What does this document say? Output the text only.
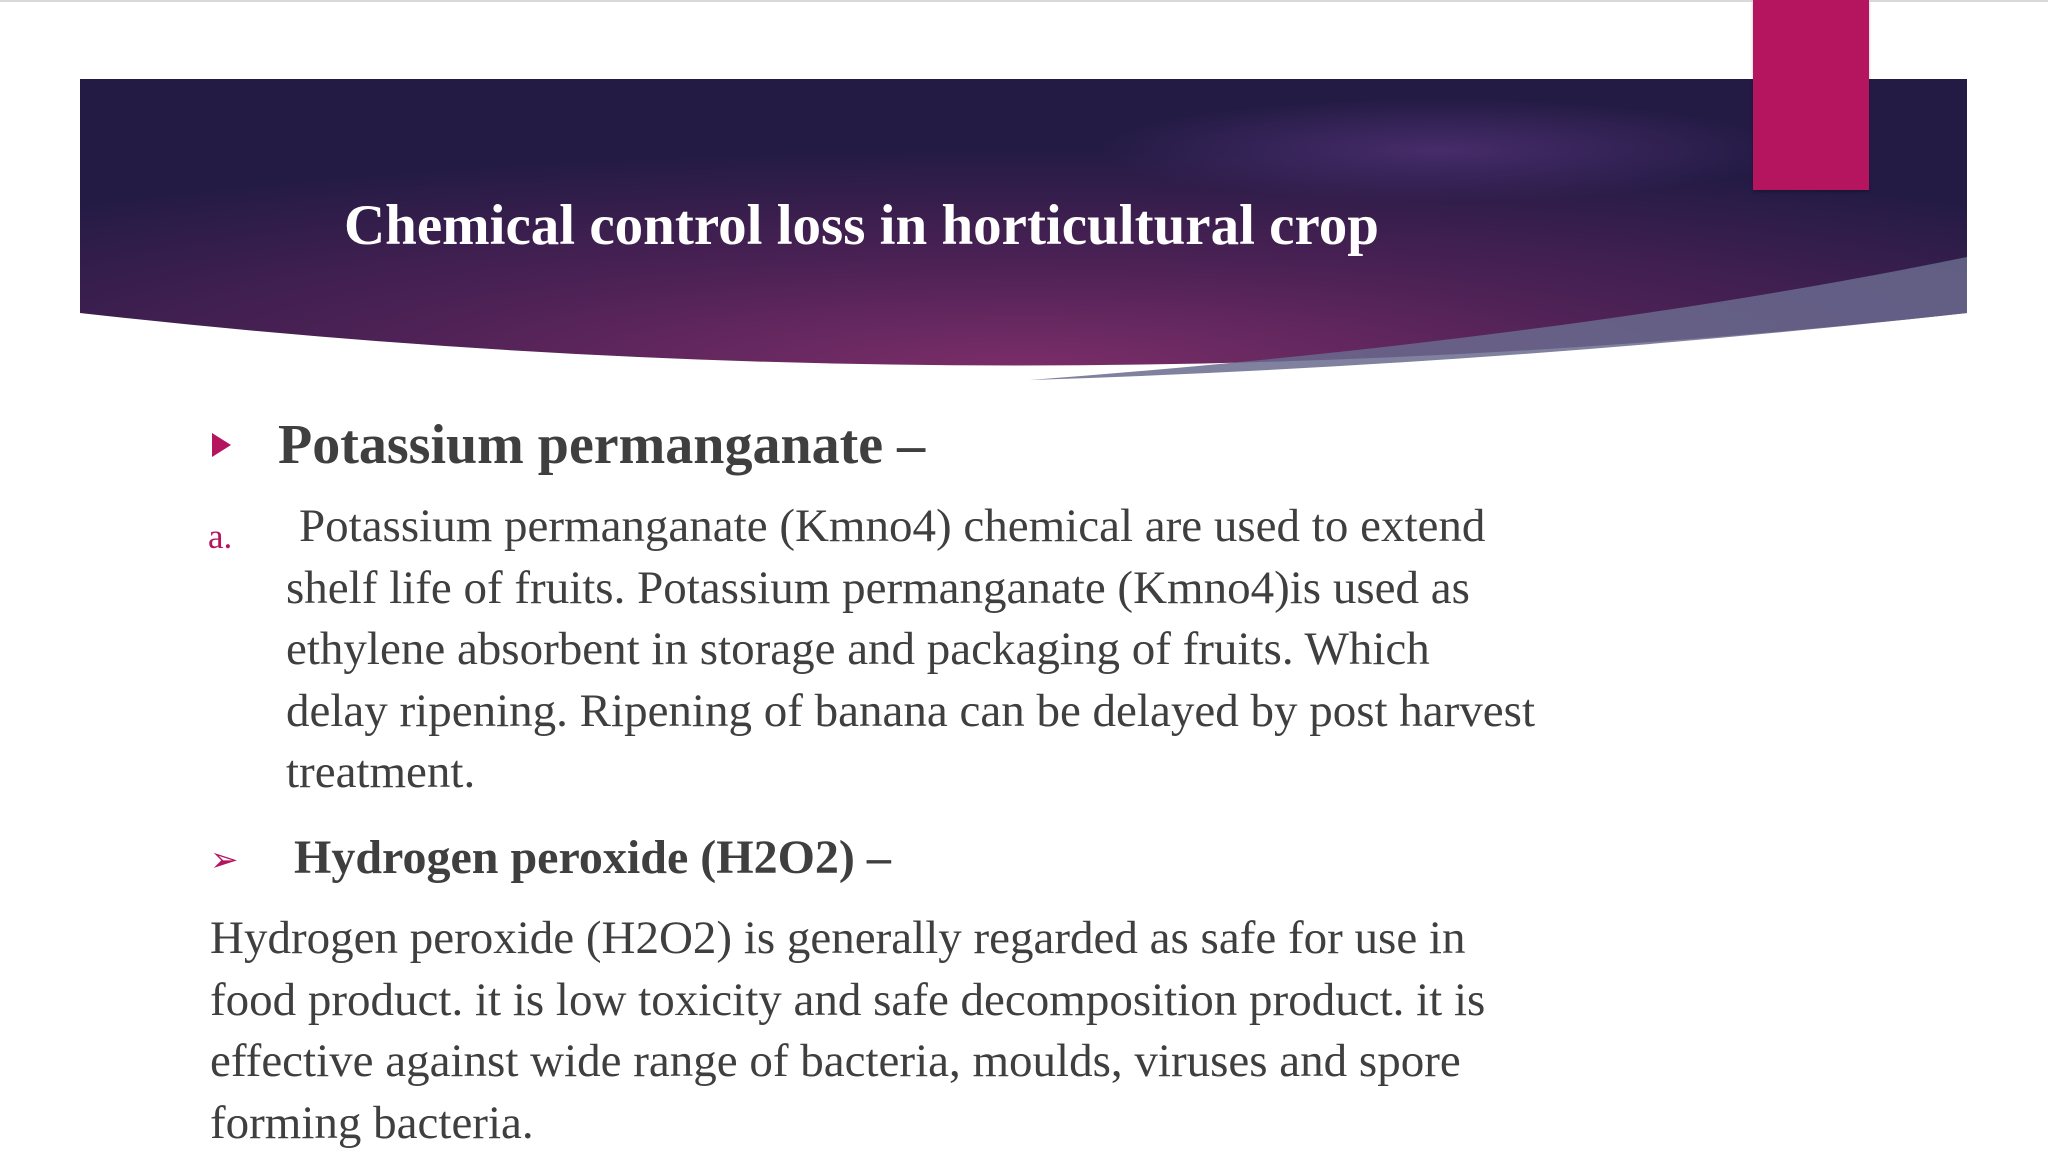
Chemical control loss in horticultural crop
Potassium permanganate –
a. Potassium permanganate (Kmno4) chemical are used to extend
shelf life of fruits. Potassium permanganate (Kmno4)is used as
ethylene absorbent in storage and packaging of fruits. Which
delay ripening. Ripening of banana can be delayed by post harvest
treatment.

➢ Hydrogen peroxide (H2O2) –

Hydrogen peroxide (H2O2) is generally regarded as safe for use in
food product. it is low toxicity and safe decomposition product. it is
effective against wide range of bacteria, moulds, viruses and spore
forming bacteria.
